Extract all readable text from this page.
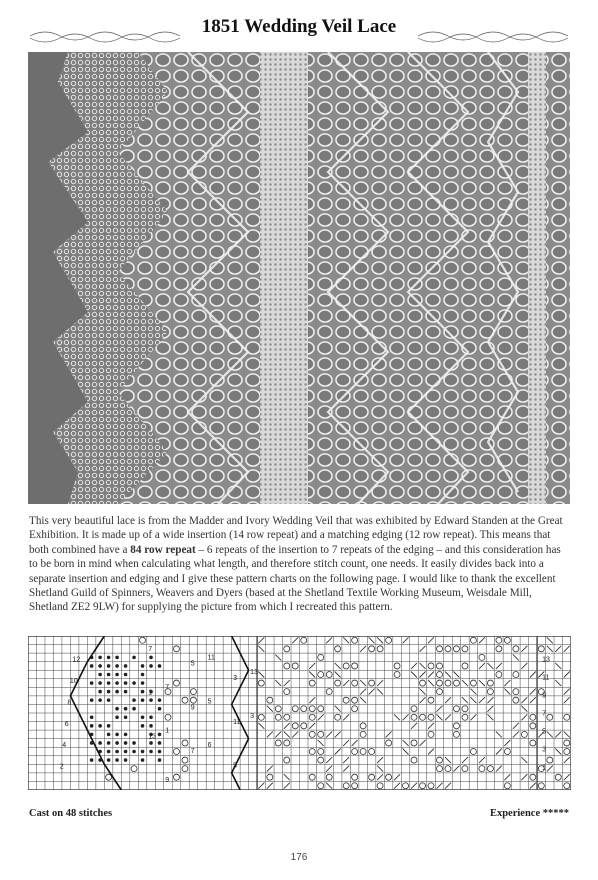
1851 Wedding Veil Lace

This very beautiful lace is from the Madder and Ivory Wedding Veil that was exhibited by Edward Standen at the Great Exhibition. It is made up of a wide insertion (14 row repeat) and a matching edging (12 row repeat). This means that both combined have a 84 row repeat – 6 repeats of the insertion to 7 repeats of the edging – and this consideration has to be born in mind when calculating what length, and therefore stitch count, one needs. It easily divides back into a separate insertion and edging and I give these pattern charts on the following page. I would like to thank the excellent Shetland Guild of Spinners, Weavers and Dyers (based at the Shetland Textile Working Museum, Weisdale Mill, Shetland ZE2 9LW) for supplying the picture from which I recreated this pattern.

12
10
8
6
4
2
7
5
3
1
9
11
13
7
5
9
11
13
7
5
3
1
6
13
11
9
7
5
3
1
Cast on 48 stitches	Experience *****
176
